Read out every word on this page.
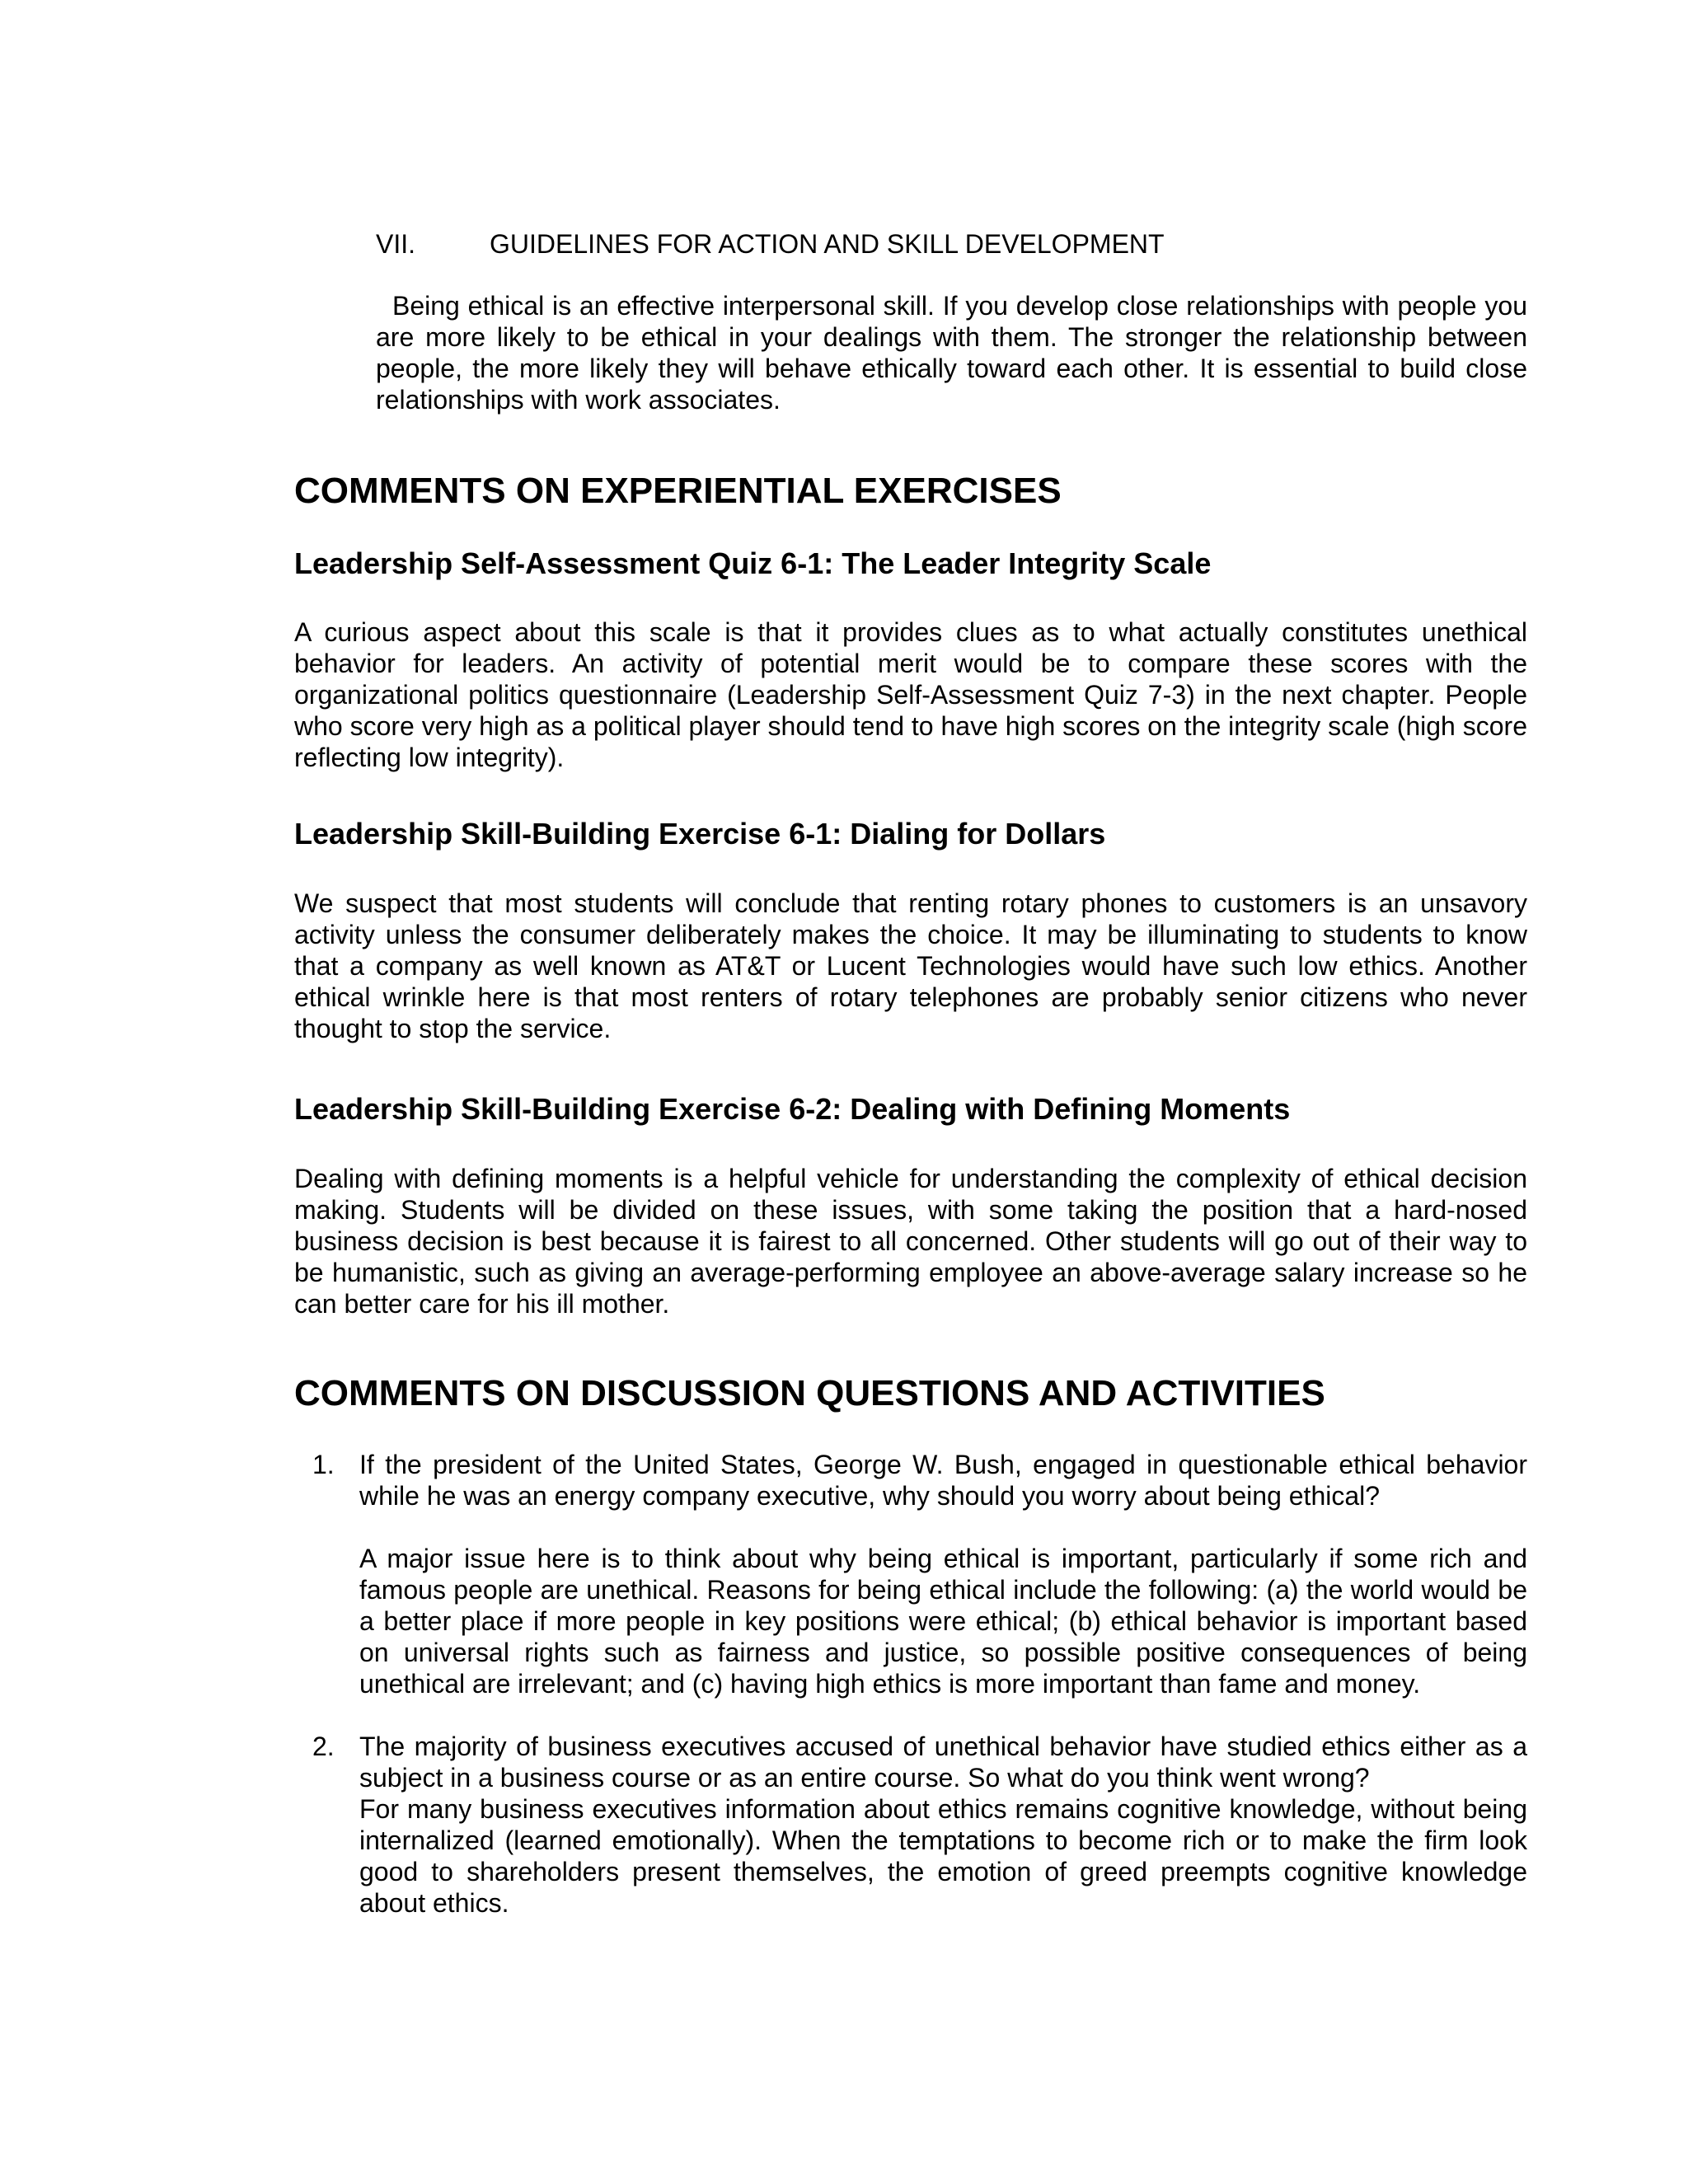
VII.	GUIDELINES FOR ACTION AND SKILL DEVELOPMENT

Being ethical is an effective interpersonal skill. If you develop close relationships with people you are more likely to be ethical in your dealings with them. The stronger the relationship between people, the more likely they will behave ethically toward each other. It is essential to build close relationships with work associates.

COMMENTS ON EXPERIENTIAL EXERCISES
Leadership Self-Assessment Quiz 6-1: The Leader Integrity Scale

A curious aspect about this scale is that it provides clues as to what actually constitutes unethical behavior for leaders. An activity of potential merit would be to compare these scores with the organizational politics questionnaire (Leadership Self-Assessment Quiz 7-3) in the next chapter. People who score very high as a political player should tend to have high scores on the integrity scale (high score reflecting low integrity).

Leadership Skill-Building Exercise 6-1: Dialing for Dollars

We suspect that most students will conclude that renting rotary phones to customers is an unsavory activity unless the consumer deliberately makes the choice. It may be illuminating to students to know that a company as well known as AT&T or Lucent Technologies would have such low ethics. Another ethical wrinkle here is that most renters of rotary telephones are probably senior citizens who never thought to stop the service.

Leadership Skill-Building Exercise 6-2: Dealing with Defining Moments

Dealing with defining moments is a helpful vehicle for understanding the complexity of ethical decision making. Students will be divided on these issues, with some taking the position that a hard-nosed business decision is best because it is fairest to all concerned. Other students will go out of their way to be humanistic, such as giving an average-performing employee an above-average salary increase so he can better care for his ill mother.

COMMENTS ON DISCUSSION QUESTIONS AND ACTIVITIES
1. If the president of the United States, George W. Bush, engaged in questionable ethical behavior while he was an energy company executive, why should you worry about being ethical?

A major issue here is to think about why being ethical is important, particularly if some rich and famous people are unethical. Reasons for being ethical include the following: (a) the world would be a better place if more people in key positions were ethical; (b) ethical behavior is important based on universal rights such as fairness and justice, so possible positive consequences of being unethical are irrelevant; and (c) having high ethics is more important than fame and money.

2. The majority of business executives accused of unethical behavior have studied ethics either as a subject in a business course or as an entire course. So what do you think went wrong?

For many business executives information about ethics remains cognitive knowledge, without being internalized (learned emotionally). When the temptations to become rich or to make the firm look good to shareholders present themselves, the emotion of greed preempts cognitive knowledge about ethics.
